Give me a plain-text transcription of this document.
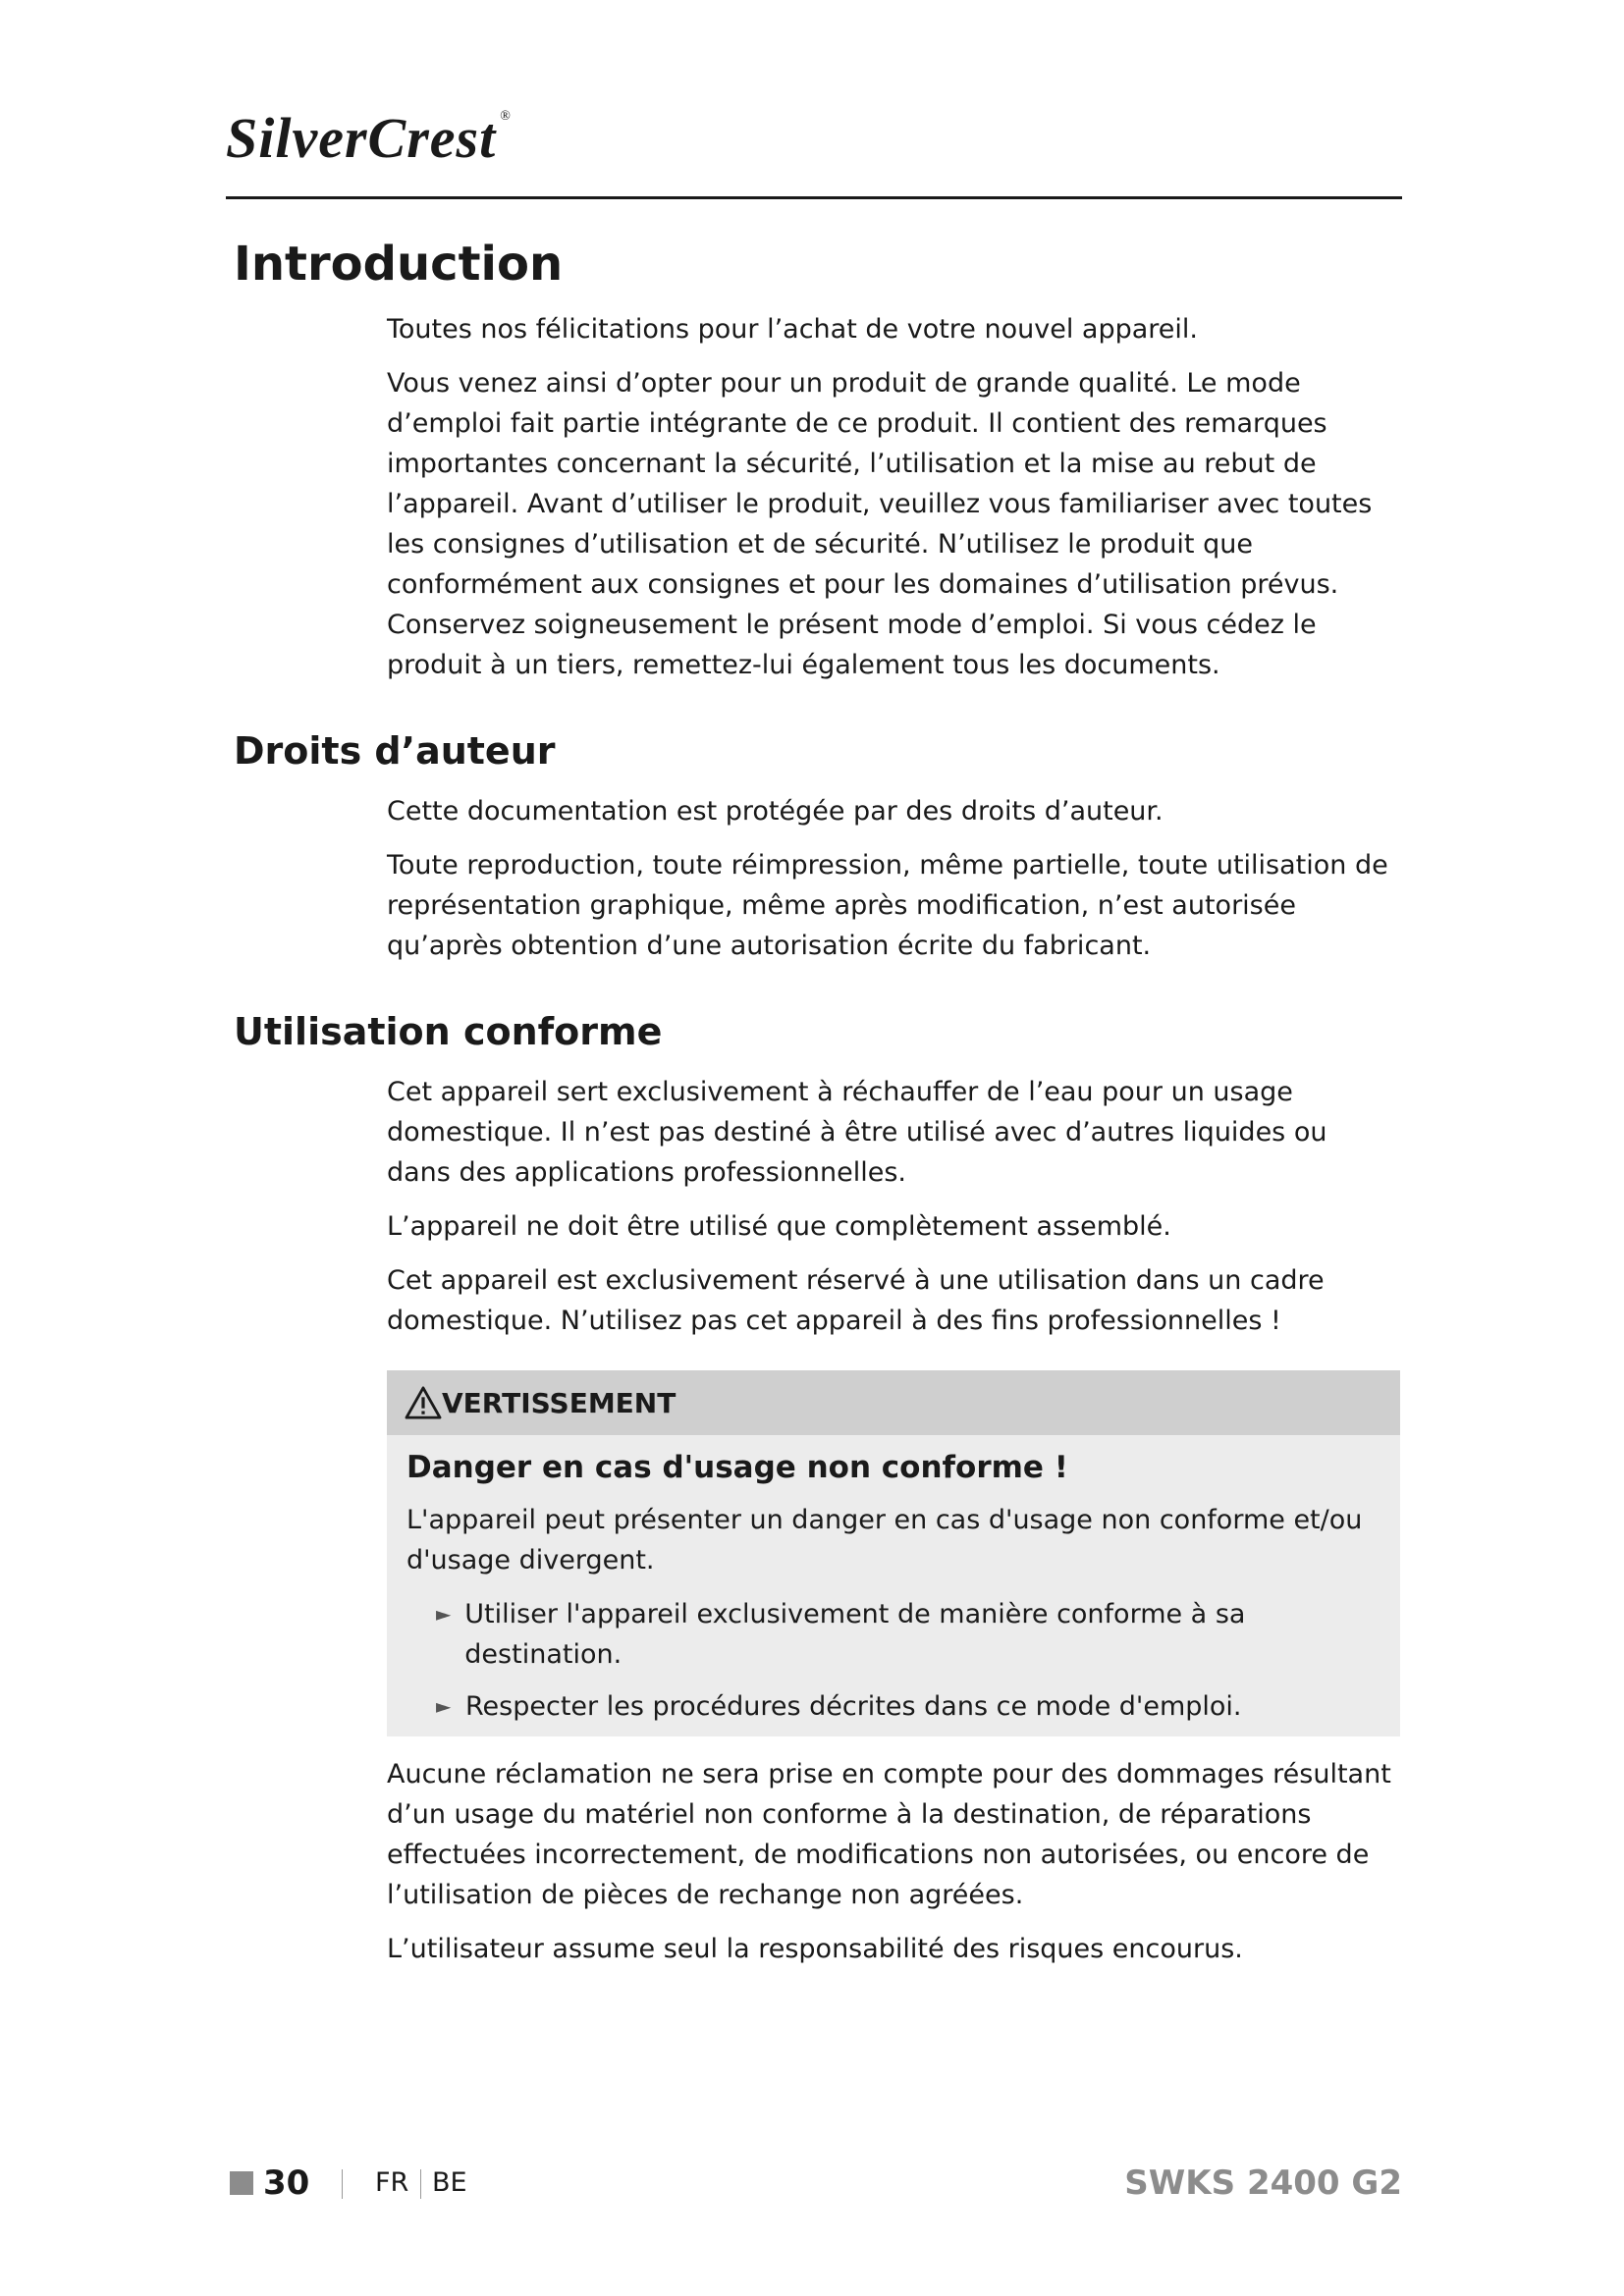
SilverCrest ®
Introduction

Toutes nos félicitations pour l’achat de votre nouvel appareil.

Vous venez ainsi d’opter pour un produit de grande qualité. Le mode d’emploi fait partie intégrante de ce produit. Il contient des remarques importantes concernant la sécurité, l’utilisation et la mise au rebut de l’appareil. Avant d’utiliser le produit, veuillez vous familiariser avec toutes les consignes d’utilisation et de sécurité. N’utilisez le produit que conformément aux consignes et pour les domaines d’utilisation prévus. Conservez soigneusement le présent mode d’emploi. Si vous cédez le produit à un tiers, remettez-lui également tous les documents.

Droits d’auteur

Cette documentation est protégée par des droits d’auteur.

Toute reproduction, toute réimpression, même partielle, toute utilisation de représentation graphique, même après modification, n’est autorisée qu’après obtention d’une autorisation écrite du fabricant.

Utilisation conforme

Cet appareil sert exclusivement à réchauffer de l’eau pour un usage domestique. Il n’est pas destiné à être utilisé avec d’autres liquides ou dans des applications professionnelles.

L’appareil ne doit être utilisé que complètement assemblé.

Cet appareil est exclusivement réservé à une utilisation dans un cadre domestique. N’utilisez pas cet appareil à des fins professionnelles !

VERTISSEMENT
Danger en cas d'usage non conforme !

L'appareil peut présenter un danger en cas d'usage non conforme et/ou d'usage divergent.

► Utiliser l'appareil exclusivement de manière conforme à sa destination.
► Respecter les procédures décrites dans ce mode d'emploi.

Aucune réclamation ne sera prise en compte pour des dommages résultant d’un usage du matériel non conforme à la destination, de réparations effectuées incorrectement, de modifications non autorisées, ou encore de l’utilisation de pièces de rechange non agréées.

L’utilisateur assume seul la responsabilité des risques encourus.

30 FR BE	SWKS 2400 G2
